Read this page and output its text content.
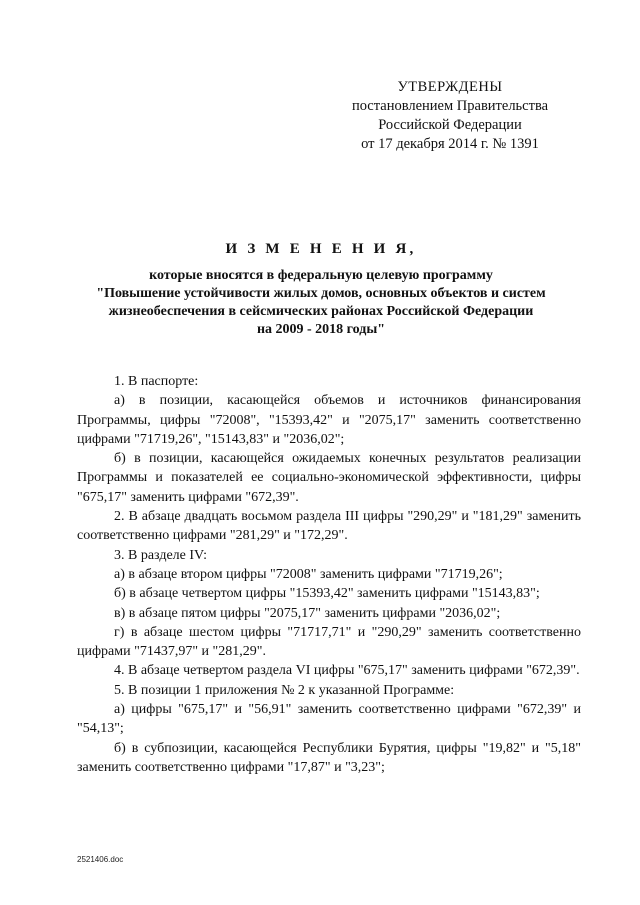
УТВЕРЖДЕНЫ
постановлением Правительства
Российской Федерации
от 17 декабря 2014 г. № 1391
И З М Е Н Е Н И Я,
которые вносятся в федеральную целевую программу
"Повышение устойчивости жилых домов, основных объектов и систем
жизнеобеспечения в сейсмических районах Российской Федерации
на 2009 - 2018 годы"

1. В паспорте:

а) в позиции, касающейся объемов и источников финансирования Программы, цифры "72008", "15393,42" и "2075,17" заменить соответственно цифрами "71719,26", "15143,83" и "2036,02";

б) в позиции, касающейся ожидаемых конечных результатов реализации Программы и показателей ее социально-экономической эффективности, цифры "675,17" заменить цифрами "672,39".

2. В абзаце двадцать восьмом раздела III цифры "290,29" и "181,29" заменить соответственно цифрами "281,29" и "172,29".

3. В разделе IV:

а) в абзаце втором цифры "72008" заменить цифрами "71719,26";

б) в абзаце четвертом цифры "15393,42" заменить цифрами "15143,83";

в) в абзаце пятом цифры "2075,17" заменить цифрами "2036,02";

г) в абзаце шестом цифры "71717,71" и "290,29" заменить соответственно цифрами "71437,97" и "281,29".

4. В абзаце четвертом раздела VI цифры "675,17" заменить цифрами "672,39".

5. В позиции 1 приложения № 2 к указанной Программе:

а) цифры "675,17" и "56,91" заменить соответственно цифрами "672,39" и "54,13";

б) в субпозиции, касающейся Республики Бурятия, цифры "19,82" и "5,18" заменить соответственно цифрами "17,87" и "3,23";

2521406.doc
